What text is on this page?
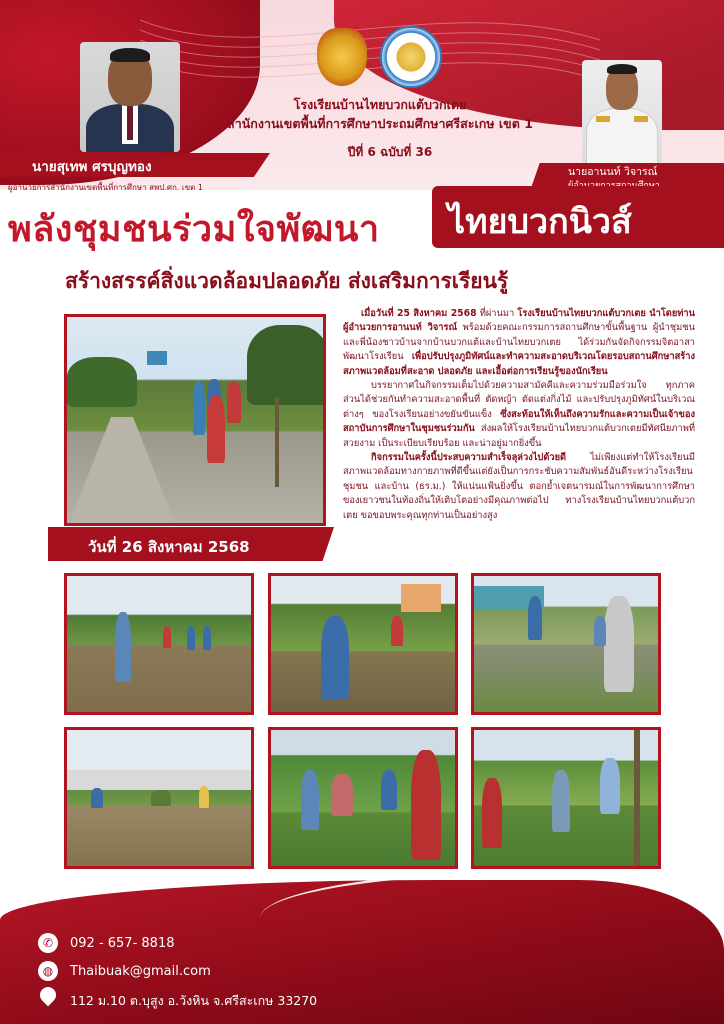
โรงเรียนบ้านไทยบวกแต้บวกเตย
สำนักงานเขตพื้นที่การศึกษาประถมศึกษาศรีสะเกษ เขต 1
ปีที่ 6 ฉบับที่ 36
นายสุเทพ ศรบุญทอง
ผู้อำนวยการสำนักงานเขตพื้นที่การศึกษา สพป.ศก. เขต 1
นายอานนท์ วิจารณ์
พลังชุมชนร่วมใจพัฒนา ไทยบวกนิวส์
สร้างสรรค์สิ่งแวดล้อมปลอดภัย ส่งเสริมการเรียนรู้
วันที่ 26 สิงหาคม 2568

เมื่อวันที่ 25 สิงหาคม 2568 ที่ผ่านมา โรงเรียนบ้านไทยบวกแต้บวกเตย นำโดยท่านผู้อำนวยการอานนท์ วิจารณ์ พร้อมด้วยคณะกรรมการสถานศึกษาขั้นพื้นฐาน ผู้นำชุมชน และพี่น้องชาวบ้านจากบ้านบวกแต้และบ้านไทยบวกเตย ได้ร่วมกันจัดกิจกรรมจิตอาสาพัฒนาโรงเรียน เพื่อปรับปรุงภูมิทัศน์และทำความสะอาดบริเวณโดยรอบสถานศึกษาสร้างสภาพแวดล้อมที่สะอาด ปลอดภัย และเอื้อต่อการเรียนรู้ของนักเรียน

บรรยากาศในกิจกรรมเต็มไปด้วยความสามัคคีและความร่วมมือร่วมใจ ทุกภาคส่วนได้ช่วยกันทำความสะอาดพื้นที่ ตัดหญ้า ตัดแต่งกิ่งไม้ และปรับปรุงภูมิทัศน์ในบริเวณต่างๆ ของโรงเรียนอย่างขยันขันแข็ง ซึ่งสะท้อนให้เห็นถึงความรักและความเป็นเจ้าของสถาบันการศึกษาในชุมชนร่วมกัน ส่งผลให้โรงเรียนบ้านไทยบวกแต้บวกเตยมีทัศนียภาพที่สวยงาม เป็นระเบียบเรียบร้อย และน่าอยู่มากยิ่งขึ้น

กิจกรรมในครั้งนี้ประสบความสำเร็จลุล่วงไปด้วยดี ไม่เพียงแต่ทำให้โรงเรียนมีสภาพแวดล้อมทางกายภาพที่ดีขึ้นแต่ยังเป็นการกระชับความสัมพันธ์อันดีระหว่างโรงเรียน ชุมชน และบ้าน (ธร.ม.) ให้แน่นแฟ้นยิ่งขึ้น ตอกย้ำเจตนารมณ์ในการพัฒนาการศึกษาของเยาวชนในท้องถิ่นให้เติบโตอย่างมีคุณภาพต่อไป ทางโรงเรียนบ้านไทยบวกแต้บวกเตย ขอขอบพระคุณทุกท่านเป็นอย่างสูง

✆	092 - 657- 8818
◍	Thaibuak@gmail.com
112 ม.10 ต.บุสูง อ.วังหิน จ.ศรีสะเกษ 33270
